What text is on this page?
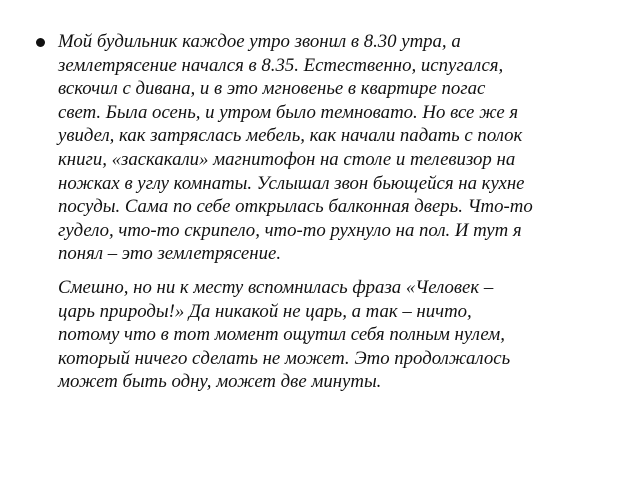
Мой будильник каждое утро звонил в 8.30 утра, а
землетрясение начался в 8.35. Естественно, испугался,
вскочил с дивана, и в это мгновенье в квартире погас
свет. Была осень, и утром было темновато. Но все же я
увидел, как затряслась мебель, как начали падать с полок
книги, «заскакали» магнитофон на столе и телевизор на
ножках в углу комнаты. Услышал звон бьющейся на кухне
посуды. Сама по себе открылась балконная дверь. Что-то
гудело, что-то скрипело, что-то рухнуло на пол. И тут я
понял – это землетрясение.

Смешно, но ни к месту вспомнилась фраза «Человек –
царь природы!» Да никакой не царь, а так – ничто,
потому что в тот момент ощутил себя полным нулем,
который ничего сделать не может. Это продолжалось
может быть одну, может две минуты.
